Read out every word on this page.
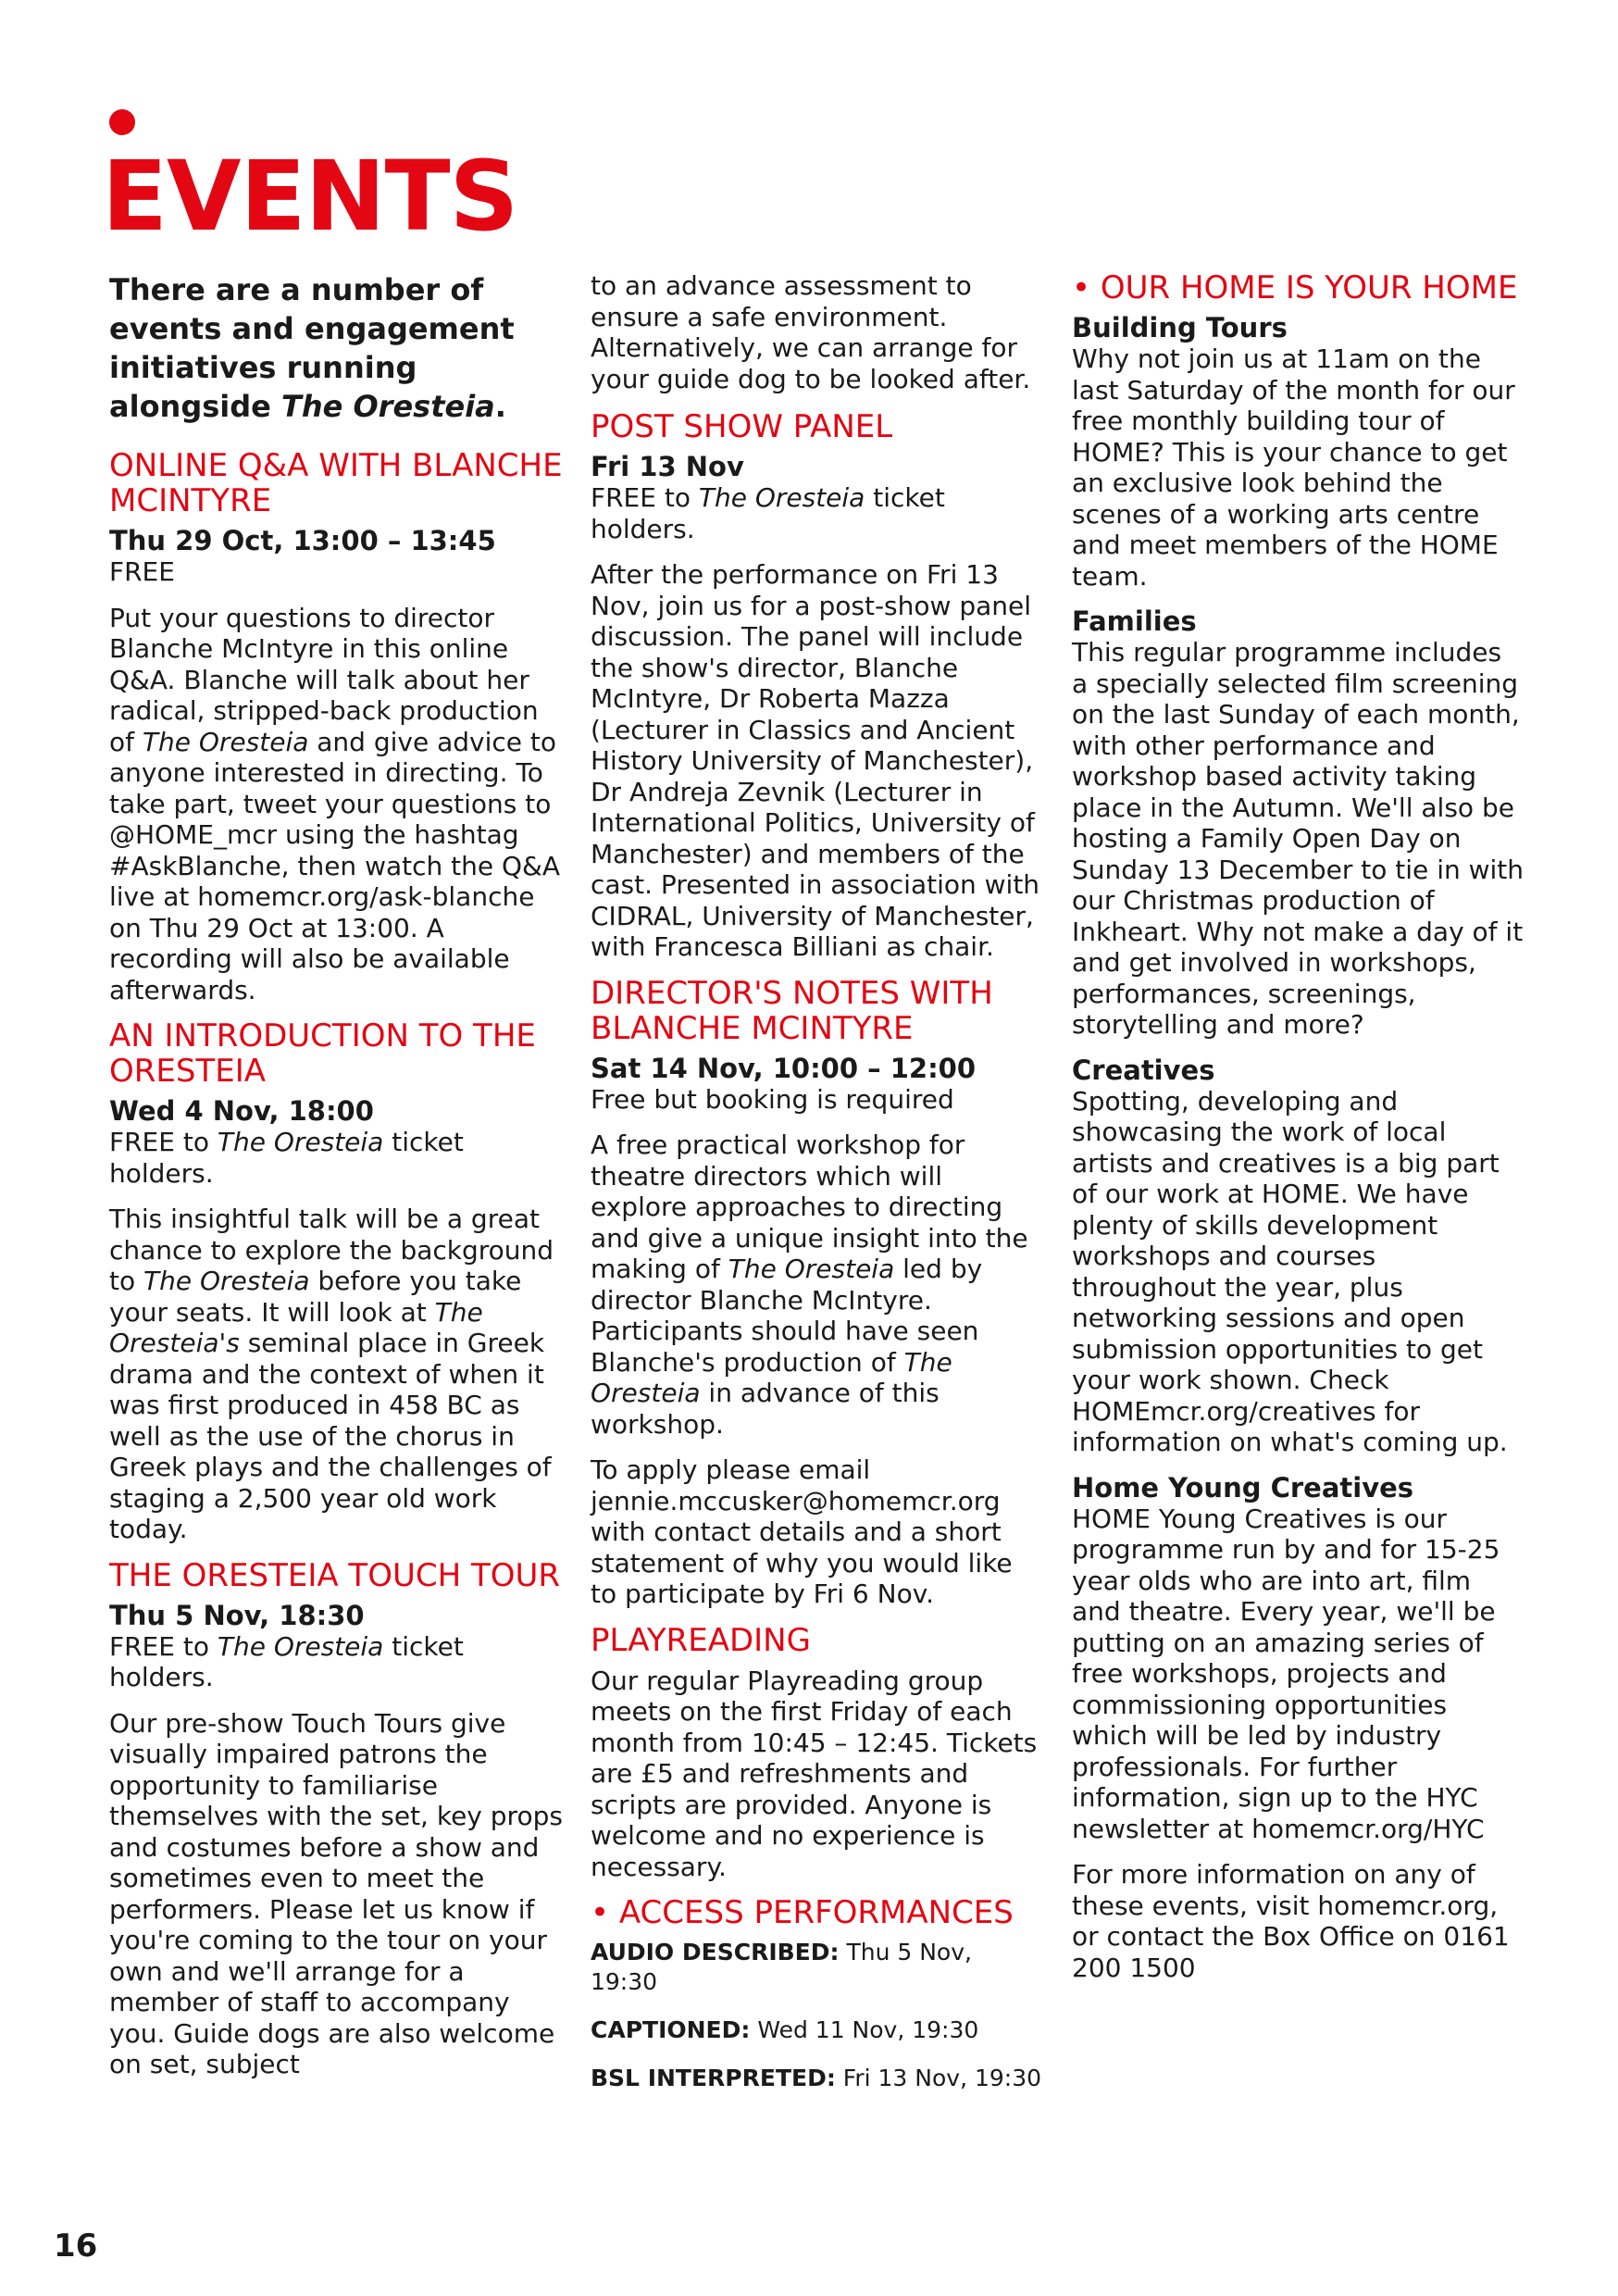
EVENTS

There are a number of events and engagement initiatives running alongside The Oresteia.

ONLINE Q&A WITH BLANCHE MCINTYRE
Thu 29 Oct, 13:00 – 13:45

FREE

Put your questions to director Blanche McIntyre in this online Q&A. Blanche will talk about her radical, stripped-back production of The Oresteia and give advice to anyone interested in directing. To take part, tweet your questions to @HOME_mcr using the hashtag #AskBlanche, then watch the Q&A live at homemcr.org/ask-blanche on Thu 29 Oct at 13:00. A recording will also be available afterwards.

AN INTRODUCTION TO THE ORESTEIA
Wed 4 Nov, 18:00

FREE to The Oresteia ticket holders.

This insightful talk will be a great chance to explore the background to The Oresteia before you take your seats. It will look at The Oresteia's seminal place in Greek drama and the context of when it was first produced in 458 BC as well as the use of the chorus in Greek plays and the challenges of staging a 2,500 year old work today.

THE ORESTEIA TOUCH TOUR
Thu 5 Nov, 18:30

FREE to The Oresteia ticket holders.

Our pre-show Touch Tours give visually impaired patrons the opportunity to familiarise themselves with the set, key props and costumes before a show and sometimes even to meet the performers. Please let us know if you're coming to the tour on your own and we'll arrange for a member of staff to accompany you. Guide dogs are also welcome on set, subject

to an advance assessment to ensure a safe environment. Alternatively, we can arrange for your guide dog to be looked after.

POST SHOW PANEL
Fri 13 Nov

FREE to The Oresteia ticket holders.

After the performance on Fri 13 Nov, join us for a post-show panel discussion. The panel will include the show's director, Blanche McIntyre, Dr Roberta Mazza (Lecturer in Classics and Ancient History University of Manchester), Dr Andreja Zevnik (Lecturer in International Politics, University of Manchester) and members of the cast. Presented in association with CIDRAL, University of Manchester, with Francesca Billiani as chair.

DIRECTOR'S NOTES WITH BLANCHE MCINTYRE
Sat 14 Nov, 10:00 – 12:00

Free but booking is required

A free practical workshop for theatre directors which will explore approaches to directing and give a unique insight into the making of The Oresteia led by director Blanche McIntyre. Participants should have seen Blanche's production of The Oresteia in advance of this workshop.

To apply please email jennie.mccusker@homemcr.org with contact details and a short statement of why you would like to participate by Fri 6 Nov.

PLAYREADING

Our regular Playreading group meets on the first Friday of each month from 10:45 – 12:45. Tickets are £5 and refreshments and scripts are provided. Anyone is welcome and no experience is necessary.

• ACCESS PERFORMANCES
AUDIO DESCRIBED: Thu 5 Nov, 19:30
CAPTIONED: Wed 11 Nov, 19:30
BSL INTERPRETED: Fri 13 Nov, 19:30
• OUR HOME IS YOUR HOME
Building Tours

Why not join us at 11am on the last Saturday of the month for our free monthly building tour of HOME? This is your chance to get an exclusive look behind the scenes of a working arts centre and meet members of the HOME team.

Families

This regular programme includes a specially selected film screening on the last Sunday of each month, with other performance and workshop based activity taking place in the Autumn. We'll also be hosting a Family Open Day on Sunday 13 December to tie in with our Christmas production of Inkheart. Why not make a day of it and get involved in workshops, performances, screenings, storytelling and more?

Creatives

Spotting, developing and showcasing the work of local artists and creatives is a big part of our work at HOME. We have plenty of skills development workshops and courses throughout the year, plus networking sessions and open submission opportunities to get your work shown. Check HOMEmcr.org/creatives for information on what's coming up.

Home Young Creatives

HOME Young Creatives is our programme run by and for 15-25 year olds who are into art, film and theatre. Every year, we'll be putting on an amazing series of free workshops, projects and commissioning opportunities which will be led by industry professionals. For further information, sign up to the HYC newsletter at homemcr.org/HYC

For more information on any of these events, visit homemcr.org, or contact the Box Office on 0161 200 1500

16
